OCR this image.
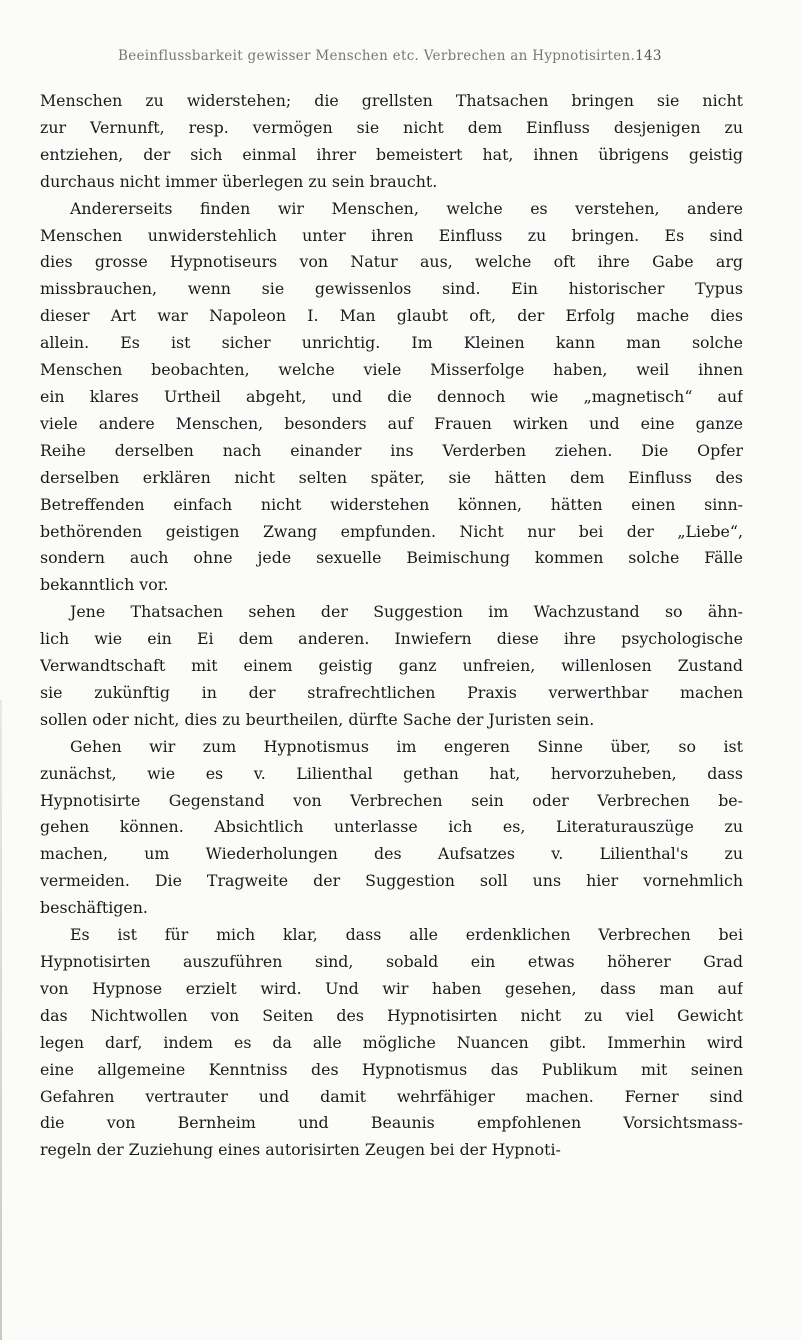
Beeinflussbarkeit gewisser Menschen etc. Verbrechen an Hypnotisirten. 143

Menschen zu widerstehen; die grellsten Thatsachen bringen sie nicht
zur Vernunft, resp. vermögen sie nicht dem Einfluss desjenigen zu
entziehen, der sich einmal ihrer bemeistert hat, ihnen übrigens geistig
durchaus nicht immer überlegen zu sein braucht.

Andererseits finden wir Menschen, welche es verstehen, andere
Menschen unwiderstehlich unter ihren Einfluss zu bringen. Es sind
dies grosse Hypnotiseurs von Natur aus, welche oft ihre Gabe arg
missbrauchen, wenn sie gewissenlos sind. Ein historischer Typus
dieser Art war Napoleon I. Man glaubt oft, der Erfolg mache dies
allein. Es ist sicher unrichtig. Im Kleinen kann man solche
Menschen beobachten, welche viele Misserfolge haben, weil ihnen
ein klares Urtheil abgeht, und die dennoch wie „magnetisch“ auf
viele andere Menschen, besonders auf Frauen wirken und eine ganze
Reihe derselben nach einander ins Verderben ziehen. Die Opfer
derselben erklären nicht selten später, sie hätten dem Einfluss des
Betreffenden einfach nicht widerstehen können, hätten einen sinn-
bethörenden geistigen Zwang empfunden. Nicht nur bei der „Liebe“,
sondern auch ohne jede sexuelle Beimischung kommen solche Fälle
bekanntlich vor.

Jene Thatsachen sehen der Suggestion im Wachzustand so ähn-
lich wie ein Ei dem anderen. Inwiefern diese ihre psychologische
Verwandtschaft mit einem geistig ganz unfreien, willenlosen Zustand
sie zukünftig in der strafrechtlichen Praxis verwerthbar machen
sollen oder nicht, dies zu beurtheilen, dürfte Sache der Juristen sein.

Gehen wir zum Hypnotismus im engeren Sinne über, so ist
zunächst, wie es v. Lilienthal gethan hat, hervorzuheben, dass
Hypnotisirte Gegenstand von Verbrechen sein oder Verbrechen be-
gehen können. Absichtlich unterlasse ich es, Literaturauszüge zu
machen, um Wiederholungen des Aufsatzes v. Lilienthal's zu
vermeiden. Die Tragweite der Suggestion soll uns hier vornehmlich
beschäftigen.

Es ist für mich klar, dass alle erdenklichen Verbrechen bei
Hypnotisirten auszuführen sind, sobald ein etwas höherer Grad
von Hypnose erzielt wird. Und wir haben gesehen, dass man auf
das Nichtwollen von Seiten des Hypnotisirten nicht zu viel Gewicht
legen darf, indem es da alle mögliche Nuancen gibt. Immerhin wird
eine allgemeine Kenntniss des Hypnotismus das Publikum mit seinen
Gefahren vertrauter und damit wehrfähiger machen. Ferner sind
die von Bernheim und Beaunis empfohlenen Vorsichtsmass-
regeln der Zuziehung eines autorisirten Zeugen bei der Hypnoti-
